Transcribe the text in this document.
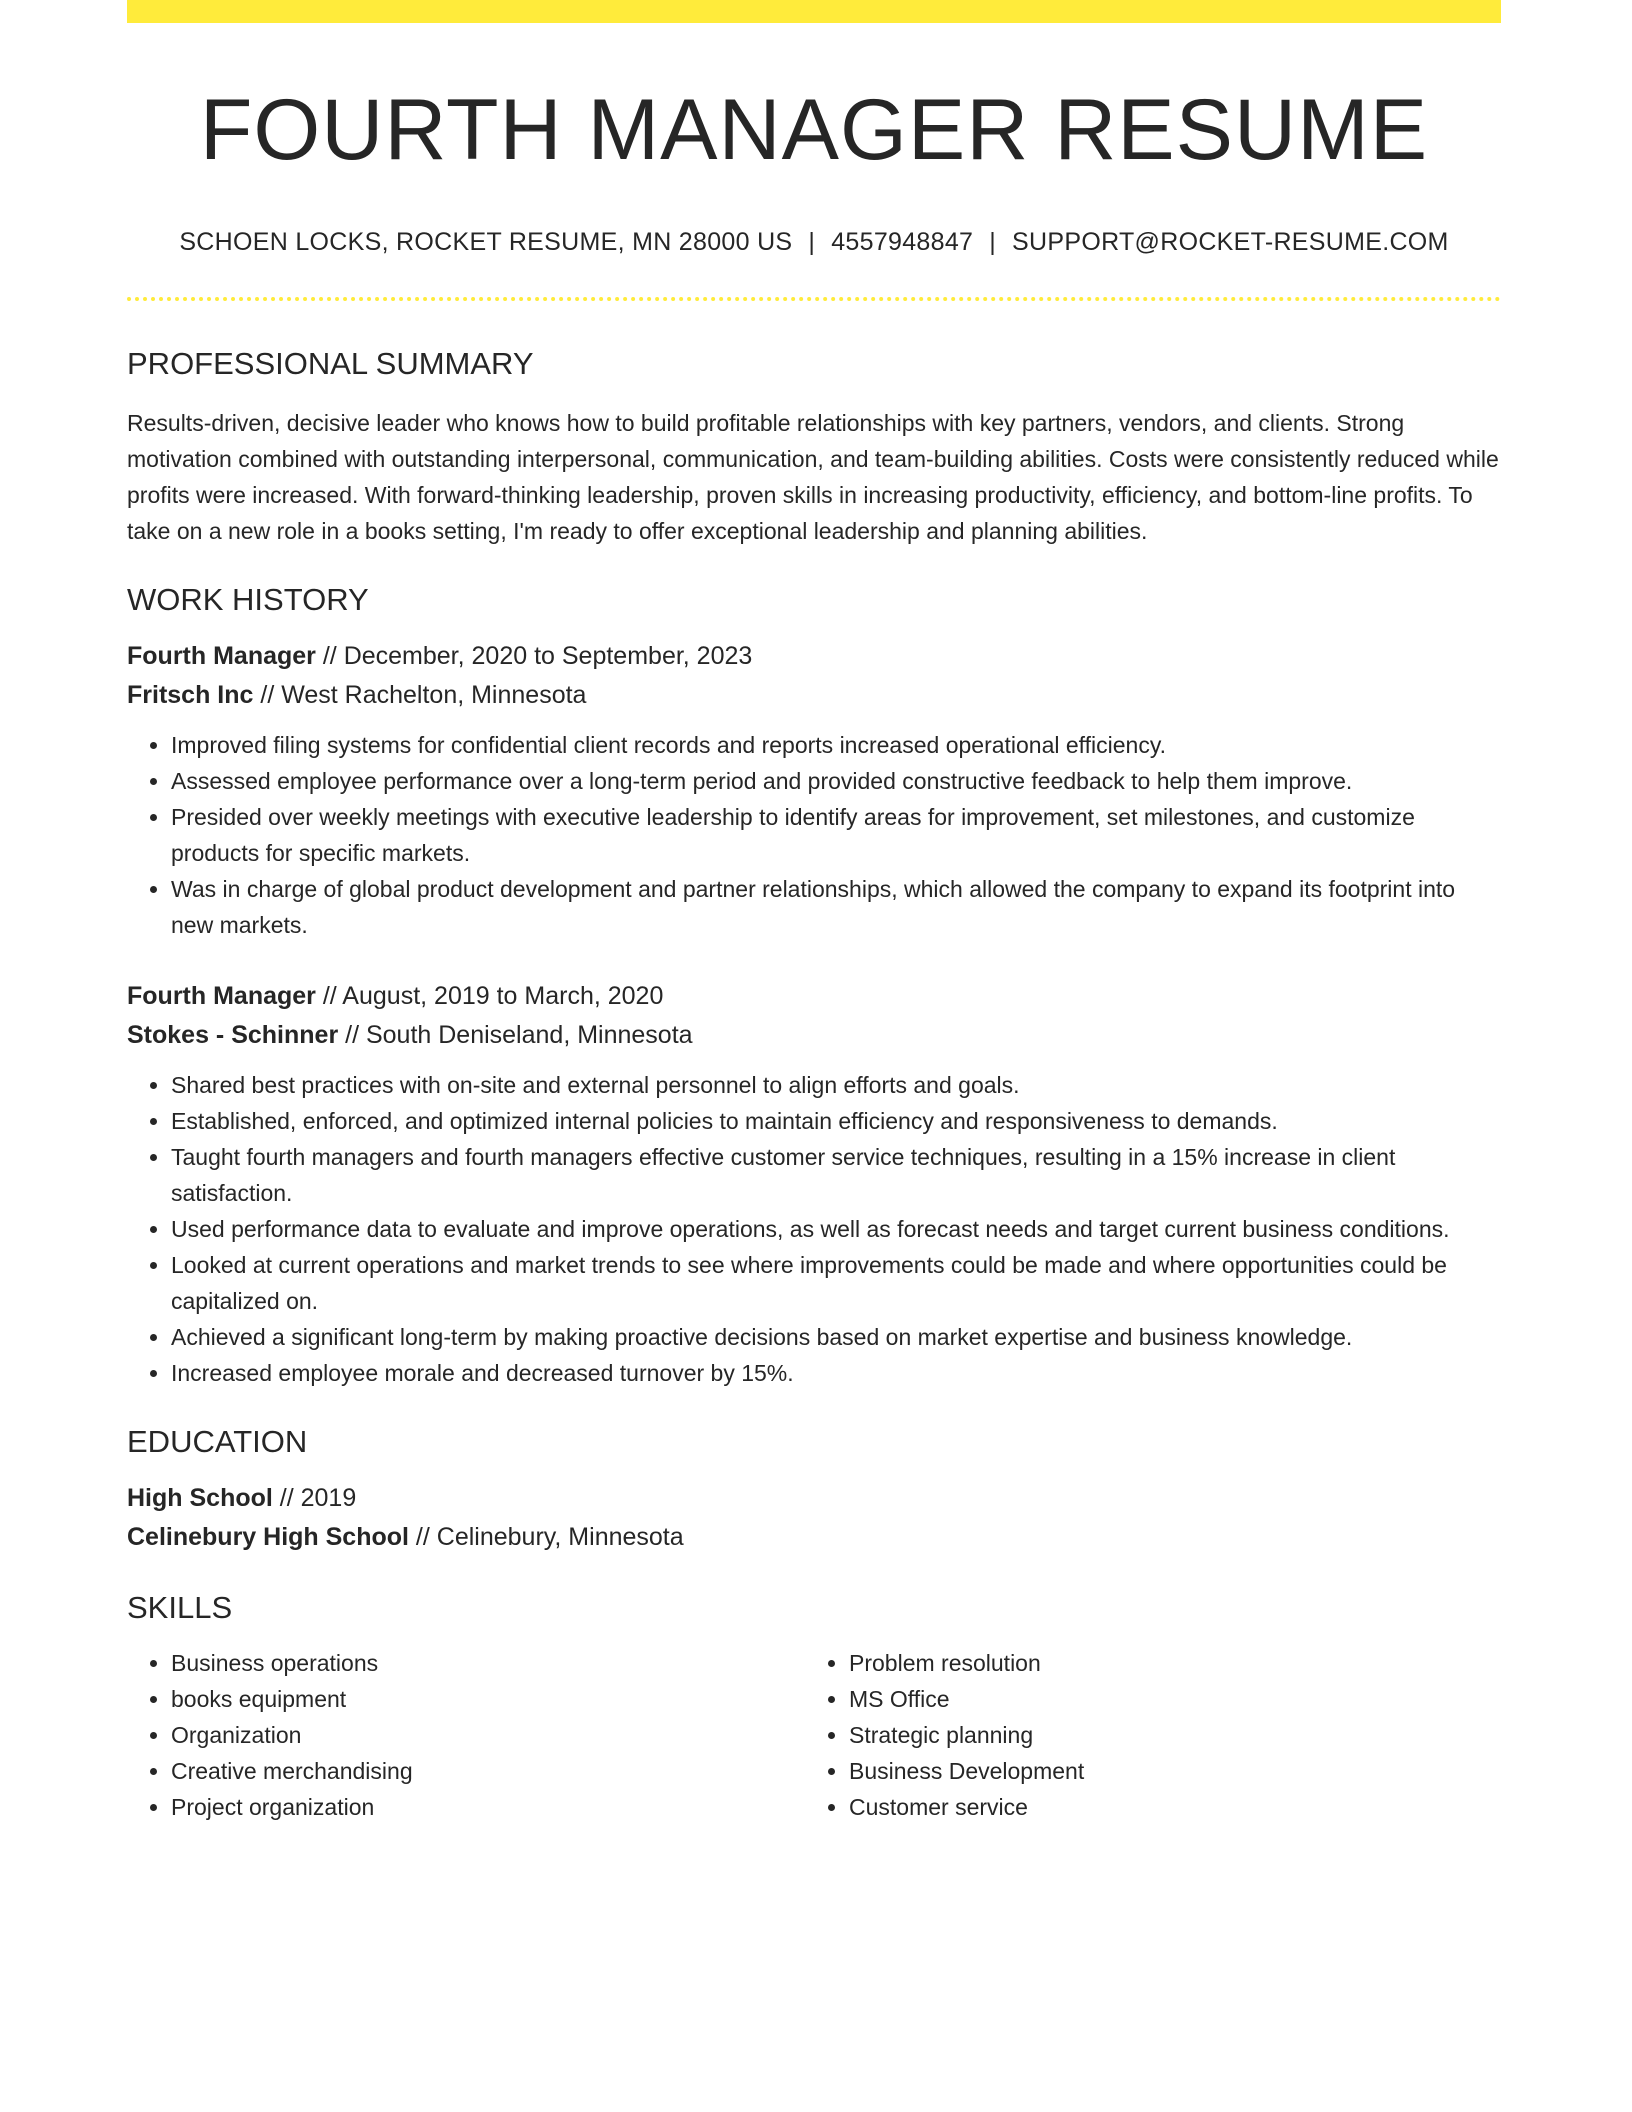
FOURTH MANAGER RESUME
SCHOEN LOCKS, ROCKET RESUME, MN 28000 US | 4557948847 | SUPPORT@ROCKET-RESUME.COM
PROFESSIONAL SUMMARY

Results-driven, decisive leader who knows how to build profitable relationships with key partners, vendors, and clients. Strong motivation combined with outstanding interpersonal, communication, and team-building abilities. Costs were consistently reduced while profits were increased. With forward-thinking leadership, proven skills in increasing productivity, efficiency, and bottom-line profits. To take on a new role in a books setting, I'm ready to offer exceptional leadership and planning abilities.

WORK HISTORY
Fourth Manager // December, 2020 to September, 2023
Fritsch Inc // West Rachelton, Minnesota
• Improved filing systems for confidential client records and reports increased operational efficiency.
• Assessed employee performance over a long-term period and provided constructive feedback to help them improve.
• Presided over weekly meetings with executive leadership to identify areas for improvement, set milestones, and customize products for specific markets.
• Was in charge of global product development and partner relationships, which allowed the company to expand its footprint into new markets.
Fourth Manager // August, 2019 to March, 2020
Stokes - Schinner // South Deniseland, Minnesota
• Shared best practices with on-site and external personnel to align efforts and goals.
• Established, enforced, and optimized internal policies to maintain efficiency and responsiveness to demands.
• Taught fourth managers and fourth managers effective customer service techniques, resulting in a 15% increase in client satisfaction.
• Used performance data to evaluate and improve operations, as well as forecast needs and target current business conditions.
• Looked at current operations and market trends to see where improvements could be made and where opportunities could be capitalized on.
• Achieved a significant long-term by making proactive decisions based on market expertise and business knowledge.
• Increased employee morale and decreased turnover by 15%.
EDUCATION
High School // 2019
Celinebury High School // Celinebury, Minnesota
SKILLS
• Business operations
• books equipment
• Organization
• Creative merchandising
• Project organization
• Problem resolution
• MS Office
• Strategic planning
• Business Development
• Customer service
